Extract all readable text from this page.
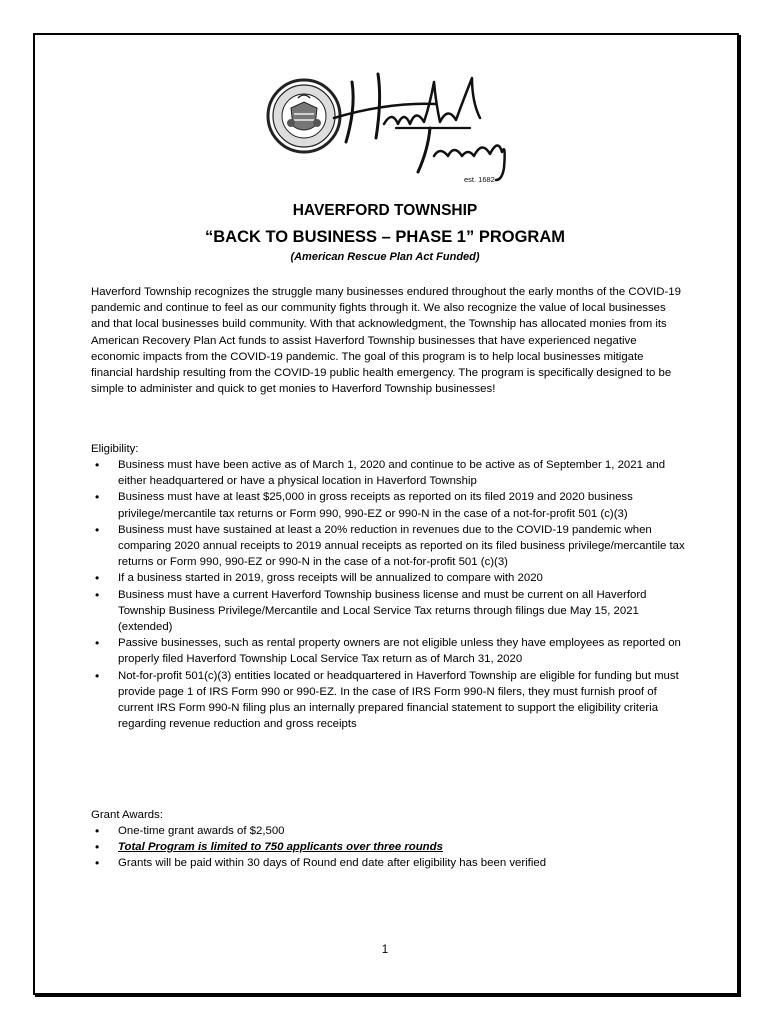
est. 1682
HAVERFORD TOWNSHIP
“BACK TO BUSINESS – PHASE 1” PROGRAM
(American Rescue Plan Act Funded)
Haverford Township recognizes the struggle many businesses endured throughout the early months of the COVID-19 pandemic and continue to feel as our community fights through it. We also recognize the value of local businesses and that local businesses build community. With that acknowledgment, the Township has allocated monies from its American Recovery Plan Act funds to assist Haverford Township businesses that have experienced negative economic impacts from the COVID-19 pandemic. The goal of this program is to help local businesses mitigate financial hardship resulting from the COVID-19 public health emergency. The program is specifically designed to be simple to administer and quick to get monies to Haverford Township businesses!
Eligibility:
• Business must have been active as of March 1, 2020 and continue to be active as of September 1, 2021 and either headquartered or have a physical location in Haverford Township
• Business must have at least $25,000 in gross receipts as reported on its filed 2019 and 2020 business privilege/mercantile tax returns or Form 990, 990-EZ or 990-N in the case of a not-for-profit 501 (c)(3)
• Business must have sustained at least a 20% reduction in revenues due to the COVID-19 pandemic when comparing 2020 annual receipts to 2019 annual receipts as reported on its filed business privilege/mercantile tax returns or Form 990, 990-EZ or 990-N in the case of a not-for-profit 501 (c)(3)
• If a business started in 2019, gross receipts will be annualized to compare with 2020
• Business must have a current Haverford Township business license and must be current on all Haverford Township Business Privilege/Mercantile and Local Service Tax returns through filings due May 15, 2021 (extended)
• Passive businesses, such as rental property owners are not eligible unless they have employees as reported on properly filed Haverford Township Local Service Tax return as of March 31, 2020
• Not-for-profit 501(c)(3) entities located or headquartered in Haverford Township are eligible for funding but must provide page 1 of IRS Form 990 or 990-EZ. In the case of IRS Form 990-N filers, they must furnish proof of current IRS Form 990-N filing plus an internally prepared financial statement to support the eligibility criteria regarding revenue reduction and gross receipts
Grant Awards:
• One-time grant awards of $2,500
• Total Program is limited to 750 applicants over three rounds
• Grants will be paid within 30 days of Round end date after eligibility has been verified
1
